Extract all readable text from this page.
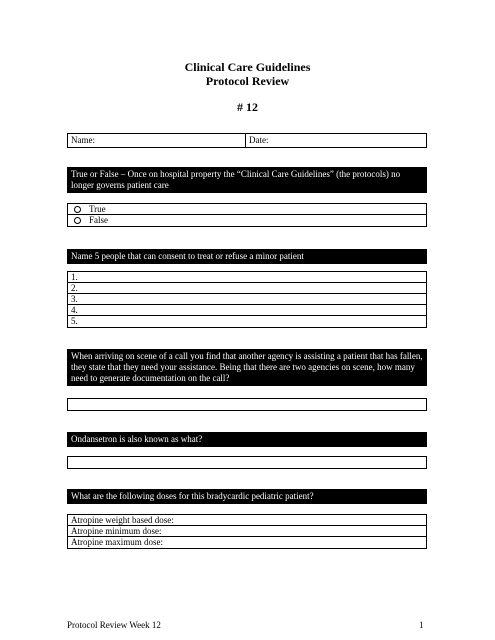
Clinical Care Guidelines
Protocol Review
# 12
Name:	Date:
True or False – Once on hospital property the “Clinical Care Guidelines” (the protocols) no longer governs patient care
True
False
Name 5 people that can consent to treat or refuse a minor patient
1.
2.
3.
4.
5.
When arriving on scene of a call you find that another agency is assisting a patient that has fallen, they state that they need your assistance. Being that there are two agencies on scene, how many need to generate documentation on the call?
Ondansetron is also known as what?
What are the following doses for this bradycardic pediatric patient?
Atropine weight based dose:
Atropine minimum dose:
Atropine maximum dose:
Protocol Review Week 12	1
